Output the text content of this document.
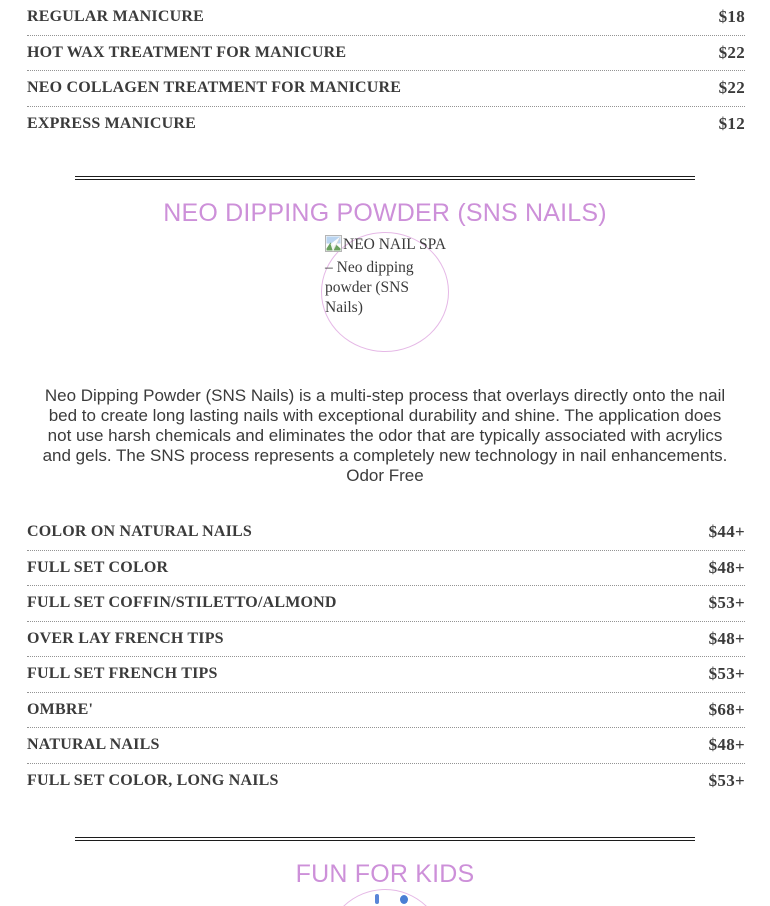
REGULAR MANICURE	$18
HOT WAX TREATMENT FOR MANICURE	$22
NEO COLLAGEN TREATMENT FOR MANICURE	$22
EXPRESS MANICURE	$12
NEO DIPPING POWDER (SNS NAILS)
NEO NAIL SPA – Neo dipping powder (SNS Nails)

Neo Dipping Powder (SNS Nails) is a multi-step process that overlays directly onto the nail bed to create long lasting nails with exceptional durability and shine. The application does not use harsh chemicals and eliminates the odor that are typically associated with acrylics and gels. The SNS process represents a completely new technology in nail enhancements. Odor Free

COLOR ON NATURAL NAILS	$44+
FULL SET COLOR	$48+
FULL SET COFFIN/STILETTO/ALMOND	$53+
OVER LAY FRENCH TIPS	$48+
FULL SET FRENCH TIPS	$53+
OMBRE'	$68+
NATURAL NAILS	$48+
FULL SET COLOR, LONG NAILS	$53+
FUN FOR KIDS
